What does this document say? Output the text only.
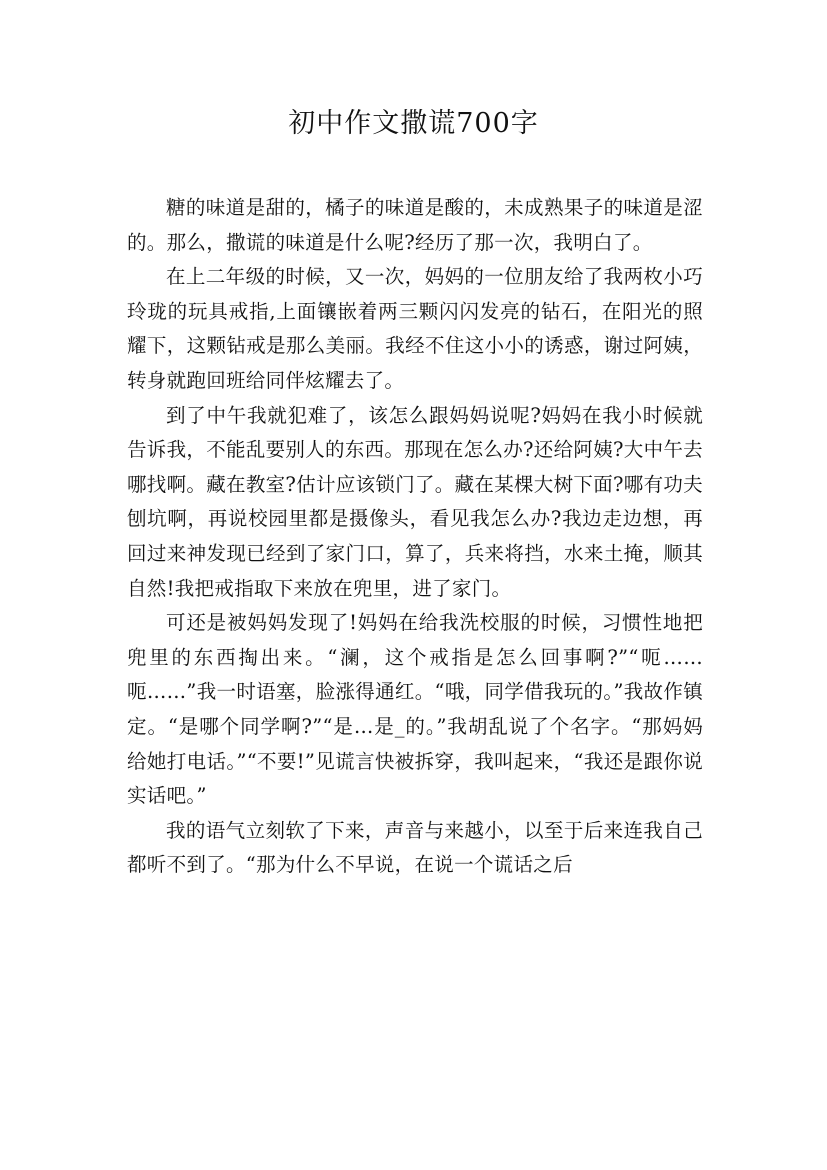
初中作文撒谎700字

糖的味道是甜的，橘子的味道是酸的，未成熟果子的味道是涩的。那么，撒谎的味道是什么呢?经历了那一次，我明白了。

在上二年级的时候，又一次，妈妈的一位朋友给了我两枚小巧玲珑的玩具戒指,上面镶嵌着两三颗闪闪发亮的钻石，在阳光的照耀下，这颗钻戒是那么美丽。我经不住这小小的诱惑，谢过阿姨，转身就跑回班给同伴炫耀去了。

到了中午我就犯难了，该怎么跟妈妈说呢?妈妈在我小时候就告诉我，不能乱要别人的东西。那现在怎么办?还给阿姨?大中午去哪找啊。藏在教室?估计应该锁门了。藏在某棵大树下面?哪有功夫刨坑啊，再说校园里都是摄像头，看见我怎么办?我边走边想，再回过来神发现已经到了家门口，算了，兵来将挡，水来土掩，顺其自然!我把戒指取下来放在兜里，进了家门。

可还是被妈妈发现了!妈妈在给我洗校服的时候，习惯性地把兜里的东西掏出来。“澜，这个戒指是怎么回事啊?”“呃……呃……”我一时语塞，脸涨得通红。“哦，同学借我玩的。”我故作镇定。“是哪个同学啊?”“是…是_的。”我胡乱说了个名字。“那妈妈给她打电话。”“不要!”见谎言快被拆穿，我叫起来，“我还是跟你说实话吧。”

我的语气立刻软了下来，声音与来越小，以至于后来连我自己都听不到了。“那为什么不早说，在说一个谎话之后
